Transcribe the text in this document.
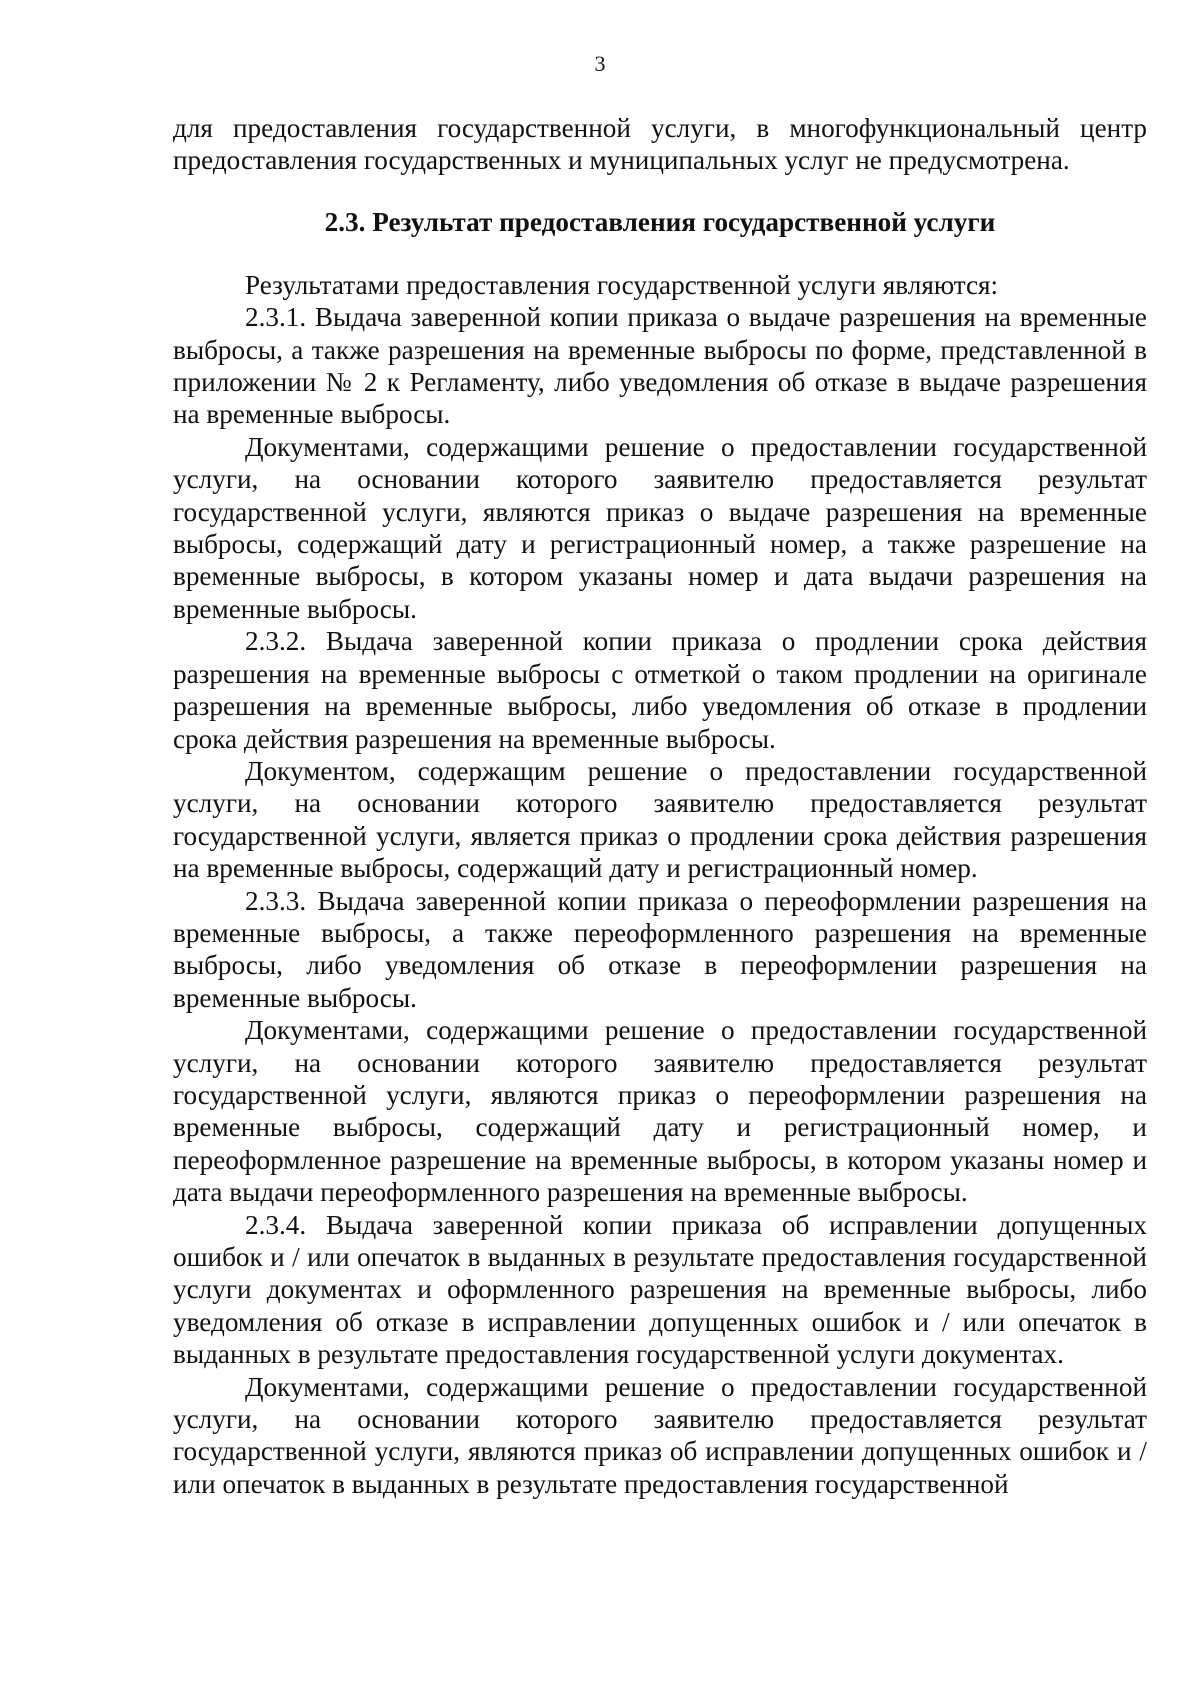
3

для предоставления государственной услуги, в многофункциональный центр предоставления государственных и муниципальных услуг не предусмотрена.

2.3. Результат предоставления государственной услуги

Результатами предоставления государственной услуги являются:

2.3.1. Выдача заверенной копии приказа о выдаче разрешения на временные выбросы, а также разрешения на временные выбросы по форме, представленной в приложении № 2 к Регламенту, либо уведомления об отказе в выдаче разрешения на временные выбросы.

Документами, содержащими решение о предоставлении государственной услуги, на основании которого заявителю предоставляется результат государственной услуги, являются приказ о выдаче разрешения на временные выбросы, содержащий дату и регистрационный номер, а также разрешение на временные выбросы, в котором указаны номер и дата выдачи разрешения на временные выбросы.

2.3.2. Выдача заверенной копии приказа о продлении срока действия разрешения на временные выбросы с отметкой о таком продлении на оригинале разрешения на временные выбросы, либо уведомления об отказе в продлении срока действия разрешения на временные выбросы.

Документом, содержащим решение о предоставлении государственной услуги, на основании которого заявителю предоставляется результат государственной услуги, является приказ о продлении срока действия разрешения на временные выбросы, содержащий дату и регистрационный номер.

2.3.3. Выдача заверенной копии приказа о переоформлении разрешения на временные выбросы, а также переоформленного разрешения на временные выбросы, либо уведомления об отказе в переоформлении разрешения на временные выбросы.

Документами, содержащими решение о предоставлении государственной услуги, на основании которого заявителю предоставляется результат государственной услуги, являются приказ о переоформлении разрешения на временные выбросы, содержащий дату и регистрационный номер, и переоформленное разрешение на временные выбросы, в котором указаны номер и дата выдачи переоформленного разрешения на временные выбросы.

2.3.4. Выдача заверенной копии приказа об исправлении допущенных ошибок и / или опечаток в выданных в результате предоставления государственной услуги документах и оформленного разрешения на временные выбросы, либо уведомления об отказе в исправлении допущенных ошибок и / или опечаток в выданных в результате предоставления государственной услуги документах.

Документами, содержащими решение о предоставлении государственной услуги, на основании которого заявителю предоставляется результат государственной услуги, являются приказ об исправлении допущенных ошибок и / или опечаток в выданных в результате предоставления государственной
